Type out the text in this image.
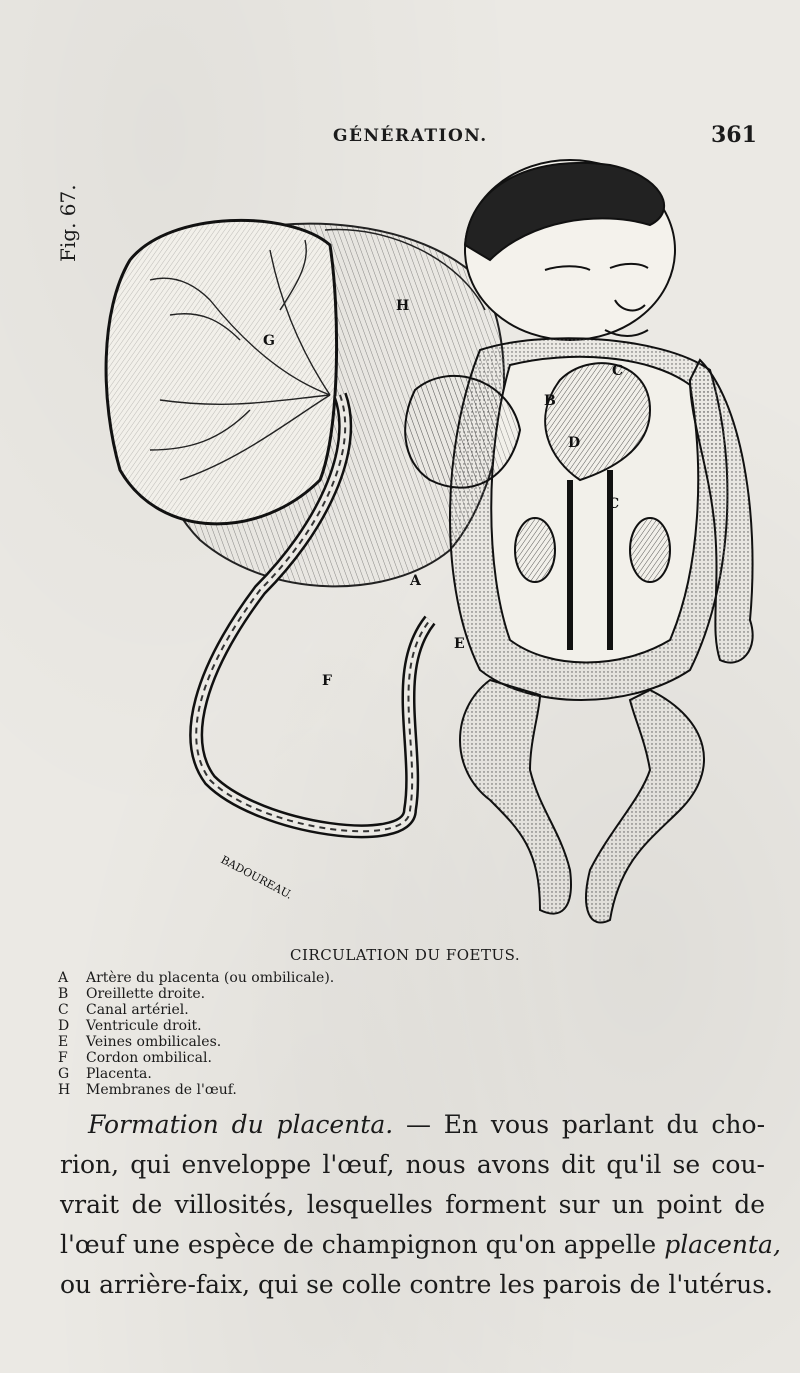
GÉNÉRATION.	361
Fig. 67.
A
B
C
C
D
E
F
G
H
BADOUREAU.
CIRCULATION DU FOETUS.
A Artère du placenta (ou ombilicale).
B Oreillette droite.
C Canal artériel.
D Ventricule droit.
E Veines ombilicales.
F Cordon ombilical.
G Placenta.
H Membranes de l'œuf.
Formation du placenta. — En vous parlant du cho-
rion, qui enveloppe l'œuf, nous avons dit qu'il se cou-
vrait de villosités, lesquelles forment sur un point de
l'œuf une espèce de champignon qu'on appelle placenta,
ou arrière-faix, qui se colle contre les parois de l'utérus.
